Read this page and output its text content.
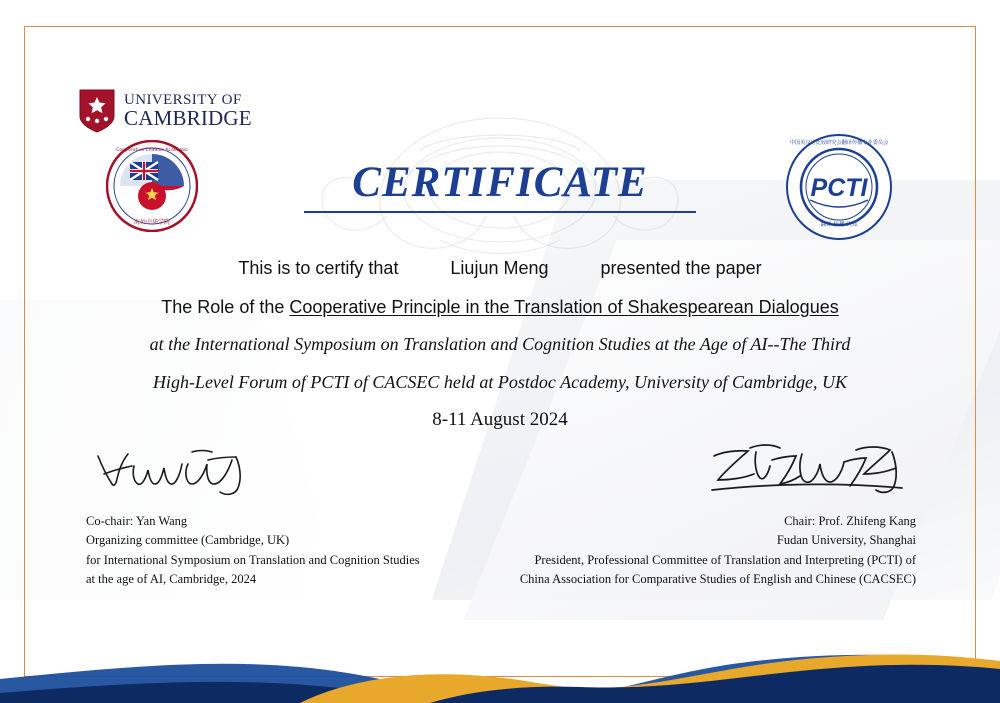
UNIVERSITY OF
CAMBRIDGE
海外中华学院
Cooperative Chinese Academic
PCTI
中国英汉语比较研究会翻译传播专业委员会
翻译 传播 认知
CERTIFICATE
This is to certify that	Liujun Meng	presented the paper
The Role of the Cooperative Principle in the Translation of Shakespearean Dialogues
at the International Symposium on Translation and Cognition Studies at the Age of AI--The Third
High-Level Forum of PCTI of CACSEC held at Postdoc Academy, University of Cambridge, UK
8-11 August 2024
Co-chair: Yan Wang
Organizing committee (Cambridge, UK)
for International Symposium on Translation and Cognition Studies
at the age of AI, Cambridge, 2024
Chair: Prof. Zhifeng Kang
Fudan University, Shanghai
President, Professional Committee of Translation and Interpreting (PCTI) of
China Association for Comparative Studies of English and Chinese (CACSEC)
